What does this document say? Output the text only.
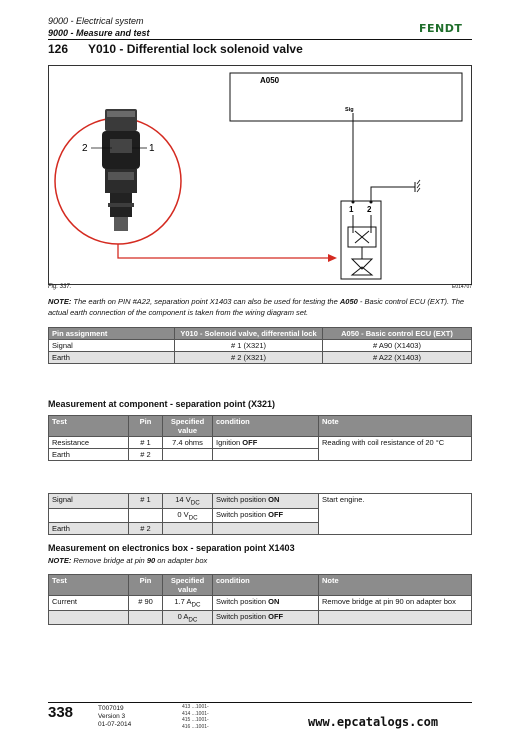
9000 - Electrical system
9000 - Measure and test	FENDT
126 Y010 - Differential lock solenoid valve
A050
Sig
1 2
2	1
Fig. 337.	E014707
NOTE: The earth on PIN #A22, separation point X1403 can also be used for testing the A050 - Basic control ECU (EXT). The actual earth connection of the component is taken from the wiring diagram set.
Pin assignment	Y010 - Solenoid valve, differential lock	A050 - Basic control ECU (EXT)
Signal	# 1 (X321)	# A90 (X1403)
Earth	# 2 (X321)	# A22 (X1403)
Measurement at component - separation point (X321)
Test	Pin	Specified value	condition	Note
Resistance	# 1	7.4 ohms	Ignition OFF	Reading with coil resistance of 20 °C
Earth	# 2			
Signal	# 1	14 $V_{DC}$	Switch position ON	Start engine.
		0 $V_{DC}$	Switch position OFF	
Earth	# 2			
Measurement on electronics box - separation point X1403
NOTE: Remove bridge at pin 90 on adapter box
Test	Pin	Specified value	condition	Note
Current	# 90	1.7 $A_{DC}$	Switch position ON	Remove bridge at pin 90 on adapter box
		0 $A_{DC}$	Switch position OFF	
338	T007019
Version 3
01-07-2014
413 ...1001-
414 ...1001-
415 ...1001-
416 ...1001-	www.epcatalogs.com
